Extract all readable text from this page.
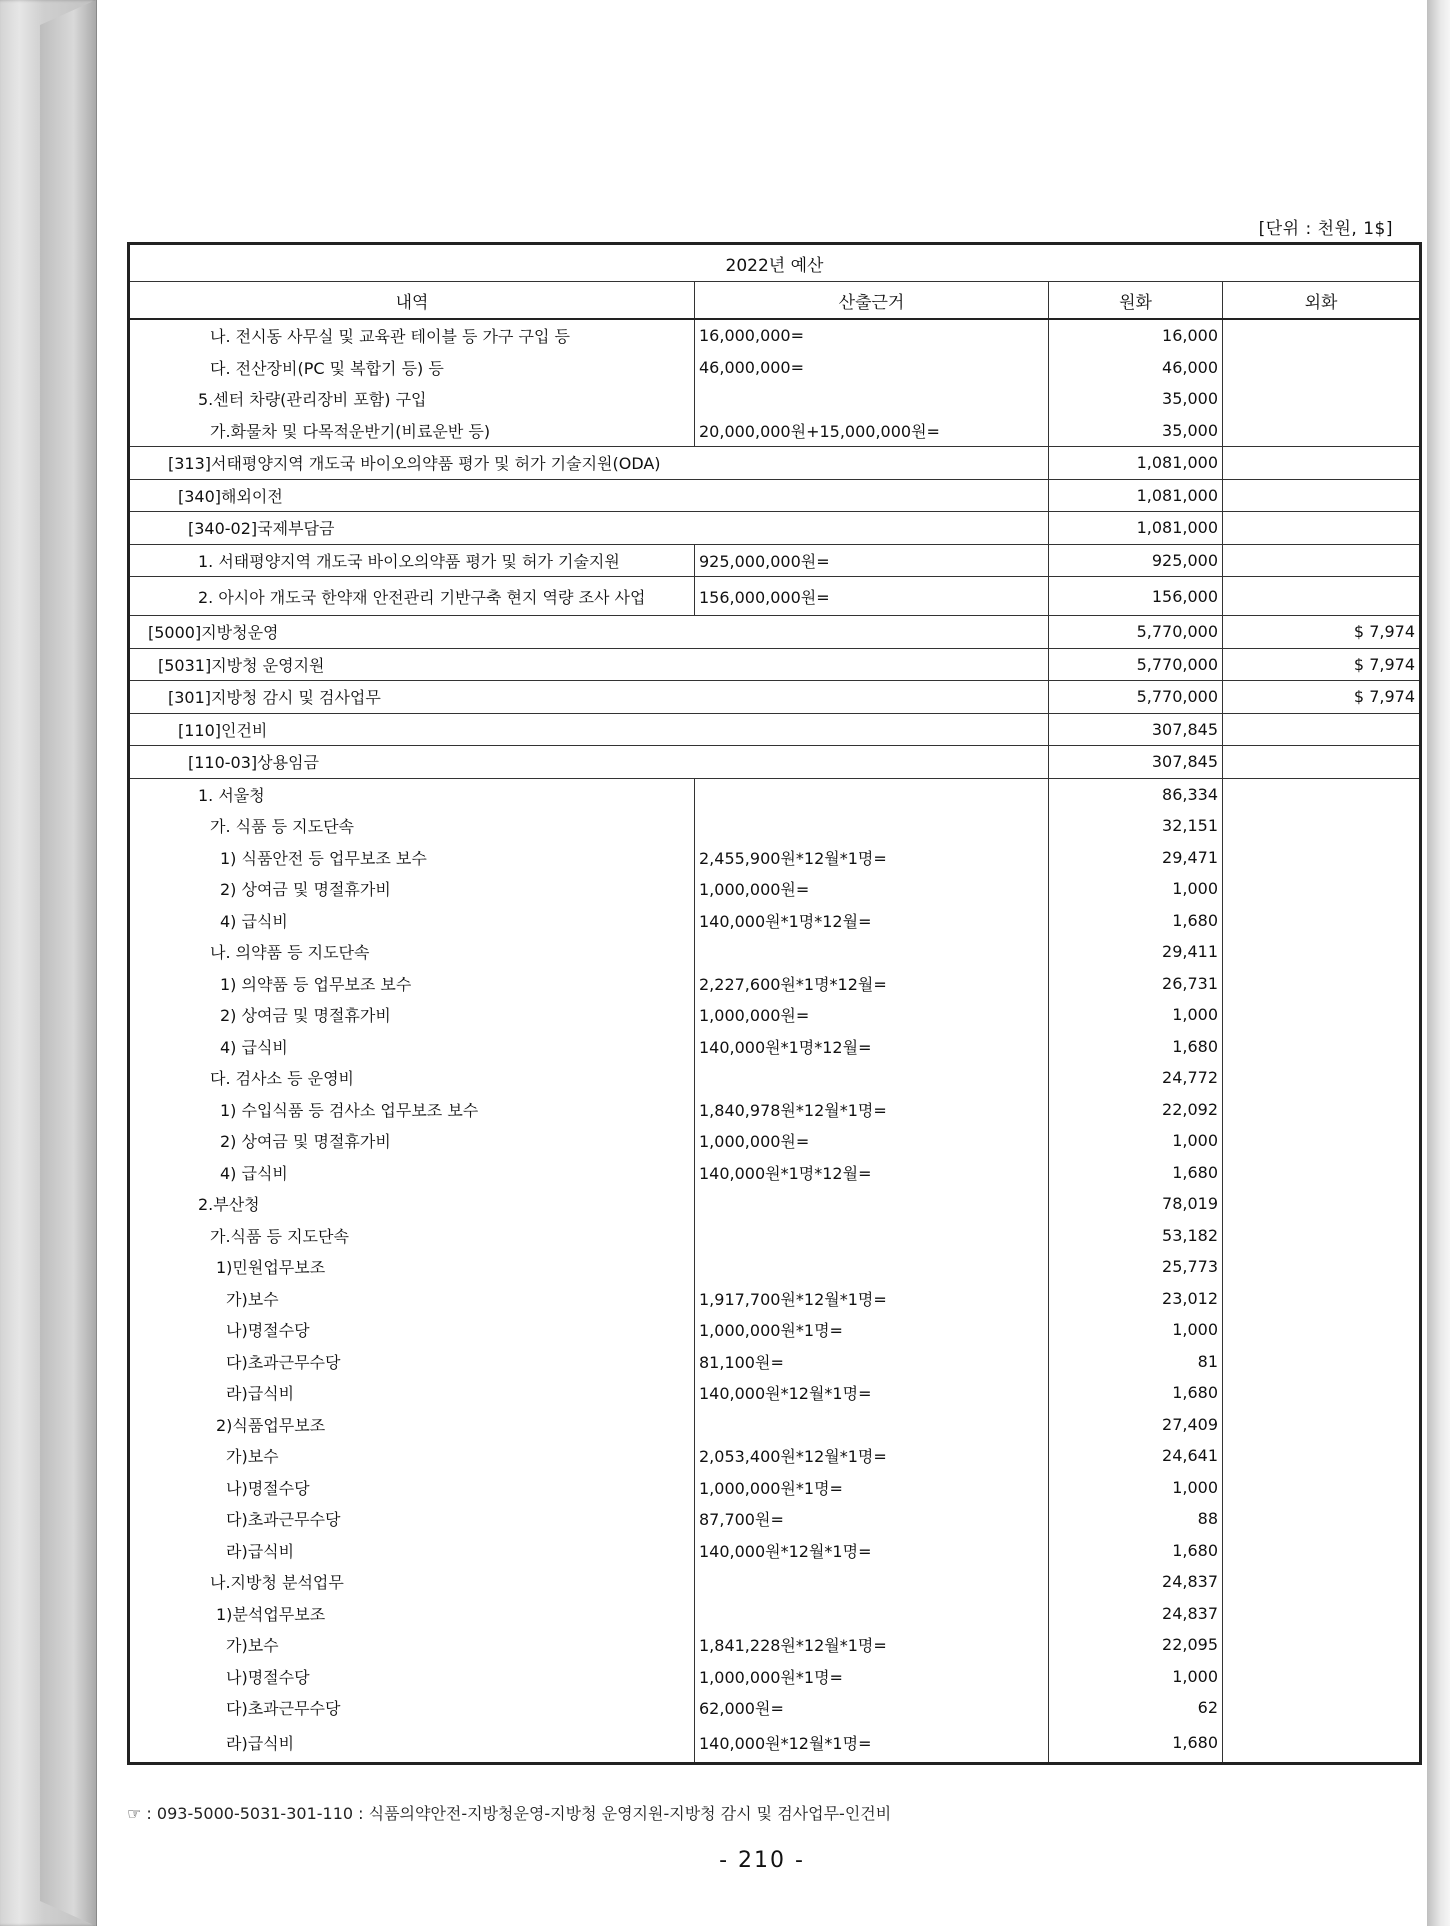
[단위 : 천원, 1$]
2022년 예산			
내역	산출근거	원화	외화
나. 전시동 사무실 및 교육관 테이블 등 가구 구입 등	16,000,000=	16,000	
다. 전산장비(PC 및 복합기 등) 등	46,000,000=	46,000	
5.센터 차량(관리장비 포함) 구입		35,000	
가.화물차 및 다목적운반기(비료운반 등)	20,000,000원+15,000,000원=	35,000	
[313]서태평양지역 개도국 바이오의약품 평가 및 허가 기술지원(ODA)		1,081,000	
[340]해외이전		1,081,000	
[340-02]국제부담금		1,081,000	
1. 서태평양지역 개도국 바이오의약품 평가 및 허가 기술지원	925,000,000원=	925,000	
2. 아시아 개도국 한약재 안전관리 기반구축 현지 역량 조사 사업	156,000,000원=	156,000	
[5000]지방청운영		5,770,000	$ 7,974
[5031]지방청 운영지원		5,770,000	$ 7,974
[301]지방청 감시 및 검사업무		5,770,000	$ 7,974
[110]인건비		307,845	
[110-03]상용임금		307,845	
1. 서울청		86,334	
가. 식품 등 지도단속		32,151	
1) 식품안전 등 업무보조 보수	2,455,900원*12월*1명=	29,471	
2) 상여금 및 명절휴가비	1,000,000원=	1,000	
4) 급식비	140,000원*1명*12월=	1,680	
나. 의약품 등 지도단속		29,411	
1) 의약품 등 업무보조 보수	2,227,600원*1명*12월=	26,731	
2) 상여금 및 명절휴가비	1,000,000원=	1,000	
4) 급식비	140,000원*1명*12월=	1,680	
다. 검사소 등 운영비		24,772	
1) 수입식품 등 검사소 업무보조 보수	1,840,978원*12월*1명=	22,092	
2) 상여금 및 명절휴가비	1,000,000원=	1,000	
4) 급식비	140,000원*1명*12월=	1,680	
2.부산청		78,019	
가.식품 등 지도단속		53,182	
1)민원업무보조		25,773	
가)보수	1,917,700원*12월*1명=	23,012	
나)명절수당	1,000,000원*1명=	1,000	
다)초과근무수당	81,100원=	81	
라)급식비	140,000원*12월*1명=	1,680	
2)식품업무보조		27,409	
가)보수	2,053,400원*12월*1명=	24,641	
나)명절수당	1,000,000원*1명=	1,000	
다)초과근무수당	87,700원=	88	
라)급식비	140,000원*12월*1명=	1,680	
나.지방청 분석업무		24,837	
1)분석업무보조		24,837	
가)보수	1,841,228원*12월*1명=	22,095	
나)명절수당	1,000,000원*1명=	1,000	
다)초과근무수당	62,000원=	62	
라)급식비	140,000원*12월*1명=	1,680	
☞ : 093-5000-5031-301-110 : 식품의약안전-지방청운영-지방청 운영지원-지방청 감시 및 검사업무-인건비
- 210 -
